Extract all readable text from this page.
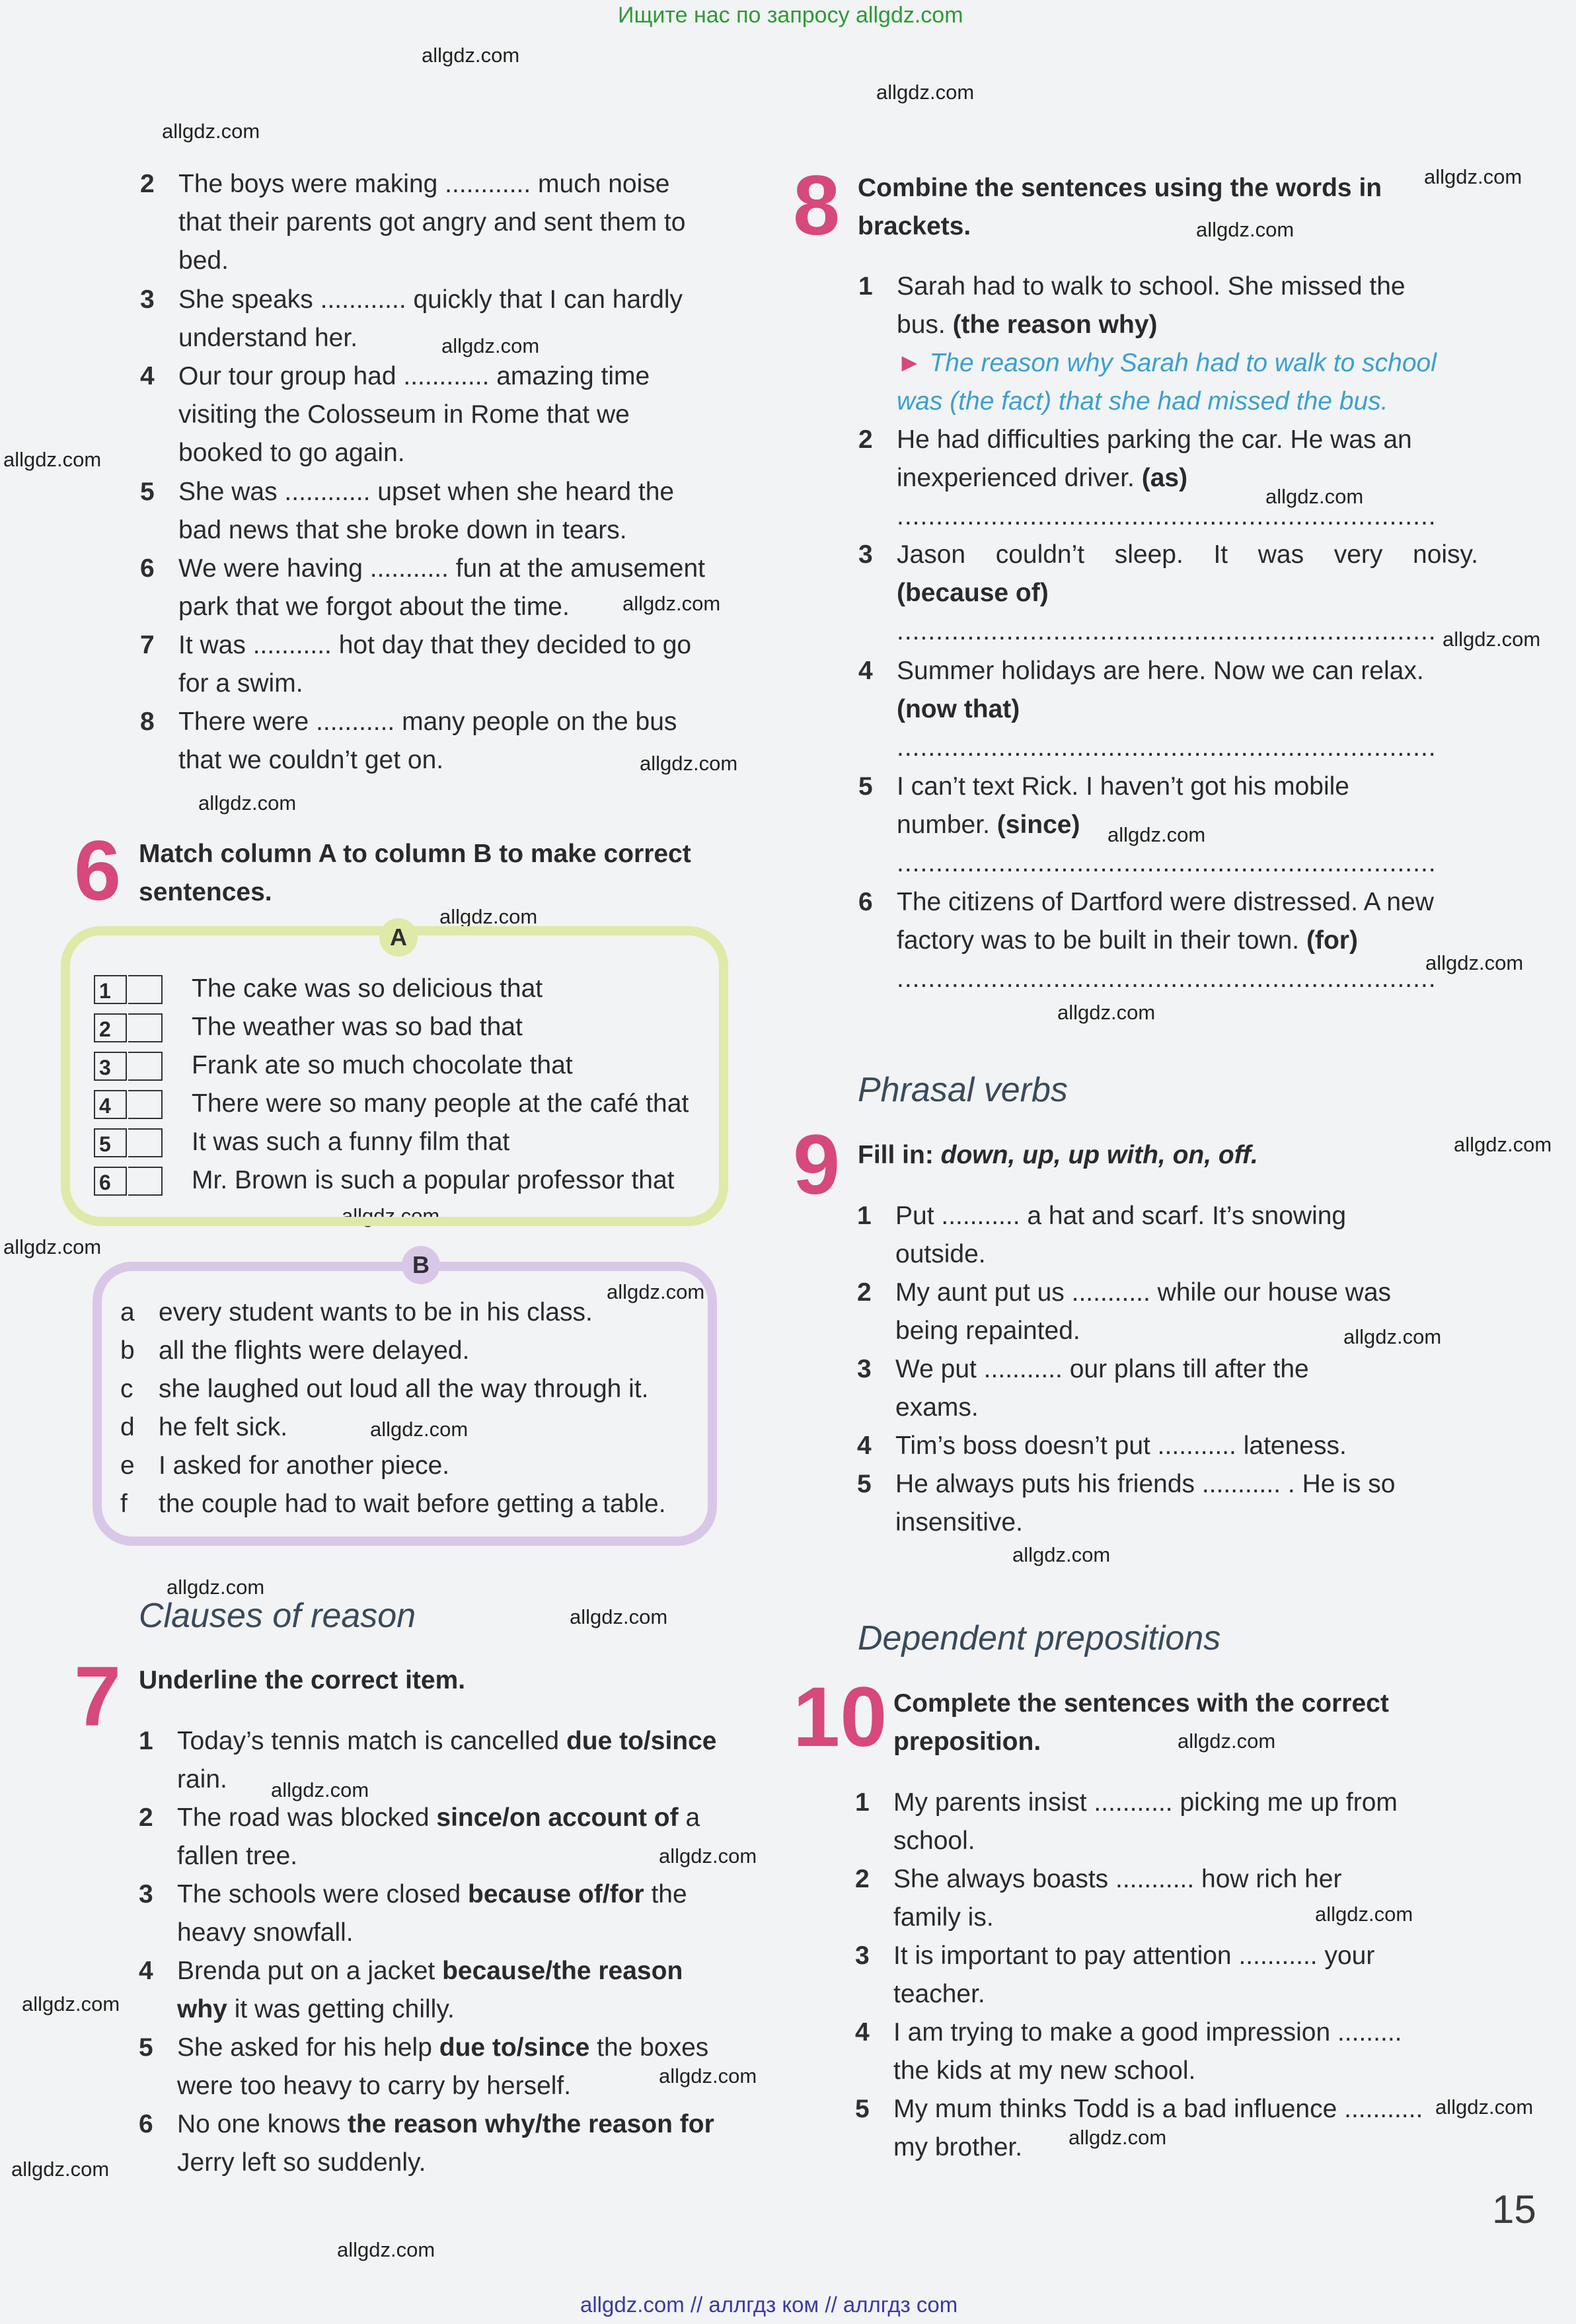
Ищите нас по запросу allgdz.com
allgdz.com
allgdz.com
allgdz.com
allgdz.com
allgdz.com
allgdz.com
allgdz.com
allgdz.com
allgdz.com
allgdz.com
allgdz.com
allgdz.com
allgdz.com
allgdz.com
allgdz.com
allgdz.com
allgdz.com
allgdz.com
allgdz.com
allgdz.com
allgdz.com
allgdz.com
allgdz.com
allgdz.com
allgdz.com
allgdz.com
allgdz.com
allgdz.com
allgdz.com
allgdz.com
allgdz.com
allgdz.com
allgdz.com
allgdz.com
allgdz.com
2 The boys were making ............ much noise
that their parents got angry and sent them to
bed.
3 She speaks ............ quickly that I can hardly
understand her.
4 Our tour group had ............ amazing time
visiting the Colosseum in Rome that we
booked to go again.
5 She was ............ upset when she heard the
bad news that she broke down in tears.
6 We were having ........... fun at the amusement
park that we forgot about the time.
7 It was ........... hot day that they decided to go
for a swim.
8 There were ........... many people on the bus
that we couldn’t get on.
6 Match column A to column B to make correct sentences.
A
1	The cake was so delicious that
2	The weather was so bad that
3	Frank ate so much chocolate that
4	There were so many people at the café that
5	It was such a funny film that
6	Mr. Brown is such a popular professor that
B
a every student wants to be in his class.
b all the flights were delayed.
c she laughed out loud all the way through it.
d he felt sick.
e I asked for another piece.
f the couple had to wait before getting a table.
Clauses of reason
7 Underline the correct item.
1 Today’s tennis match is cancelled due to/since
rain.
2 The road was blocked since/on account of a
fallen tree.
3 The schools were closed because of/for the
heavy snowfall.
4 Brenda put on a jacket because/the reason
why it was getting chilly.
5 She asked for his help due to/since the boxes
were too heavy to carry by herself.
6 No one knows the reason why/the reason for
Jerry left so suddenly.
8 Combine the sentences using the words in
brackets.
1 Sarah had to walk to school. She missed the
bus. (the reason why)
► The reason why Sarah had to walk to school
was (the fact) that she had missed the bus.
2 He had difficulties parking the car. He was an
inexperienced driver. (as)
.....................................................................
3 Jason couldn’t sleep. It was very noisy.
(because of)
.....................................................................
4 Summer holidays are here. Now we can relax.
(now that)
.....................................................................
5 I can’t text Rick. I haven’t got his mobile
number. (since)
.....................................................................
6 The citizens of Dartford were distressed. A new
factory was to be built in their town. (for)
.....................................................................
Phrasal verbs
9 Fill in: down, up, up with, on, off.
1 Put ........... a hat and scarf. It’s snowing
outside.
2 My aunt put us ........... while our house was
being repainted.
3 We put ........... our plans till after the
exams.
4 Tim’s boss doesn’t put ........... lateness.
5 He always puts his friends ........... . He is so
insensitive.
Dependent prepositions
10 Complete the sentences with the correct
preposition.
1 My parents insist ........... picking me up from
school.
2 She always boasts ........... how rich her
family is.
3 It is important to pay attention ........... your
teacher.
4 I am trying to make a good impression .........
the kids at my new school.
5 My mum thinks Todd is a bad influence ...........
my brother.
15
allgdz.com // аллгдз ком // аллгдз com
